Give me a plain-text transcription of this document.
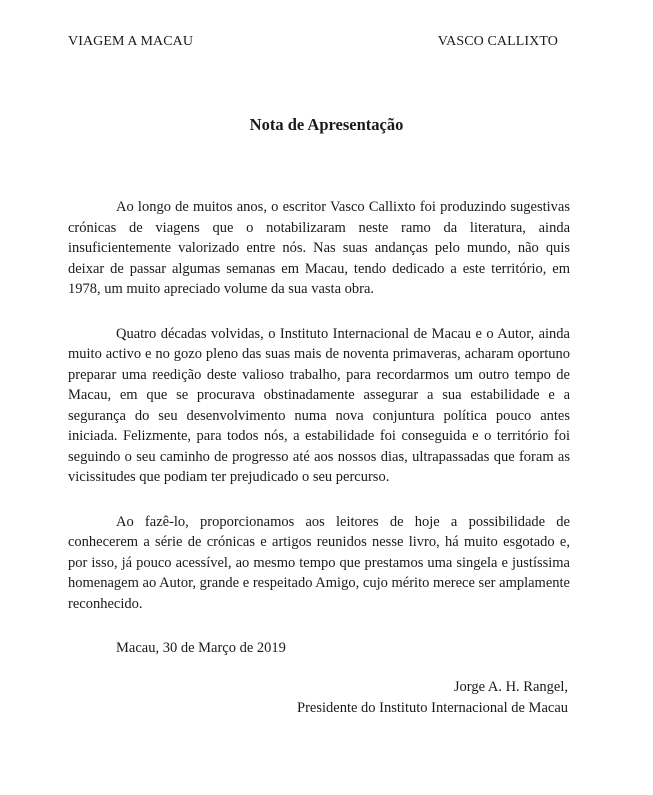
VIAGEM A MACAU	VASCO CALLIXTO
Nota de Apresentação

Ao longo de muitos anos, o escritor Vasco Callixto foi produzindo sugestivas crónicas de viagens que o notabilizaram neste ramo da literatura, ainda insuficientemente valorizado entre nós. Nas suas andanças pelo mundo, não quis deixar de passar algumas semanas em Macau, tendo dedicado a este território, em 1978, um muito apreciado volume da sua vasta obra.

Quatro décadas volvidas, o Instituto Internacional de Macau e o Autor, ainda muito activo e no gozo pleno das suas mais de noventa primaveras, acharam oportuno preparar uma reedição deste valioso trabalho, para recordarmos um outro tempo de Macau, em que se procurava obstinadamente assegurar a sua estabilidade e a segurança do seu desenvolvimento numa nova conjuntura política pouco antes iniciada. Felizmente, para todos nós, a estabilidade foi conseguida e o território foi seguindo o seu caminho de progresso até aos nossos dias, ultrapassadas que foram as vicissitudes que podiam ter prejudicado o seu percurso.

Ao fazê-lo, proporcionamos aos leitores de hoje a possibilidade de conhecerem a série de crónicas e artigos reunidos nesse livro, há muito esgotado e, por isso, já pouco acessível, ao mesmo tempo que prestamos uma singela e justíssima homenagem ao Autor, grande e respeitado Amigo, cujo mérito merece ser amplamente reconhecido.

Macau, 30 de Março de 2019

Jorge A. H. Rangel,
Presidente do Instituto Internacional de Macau
